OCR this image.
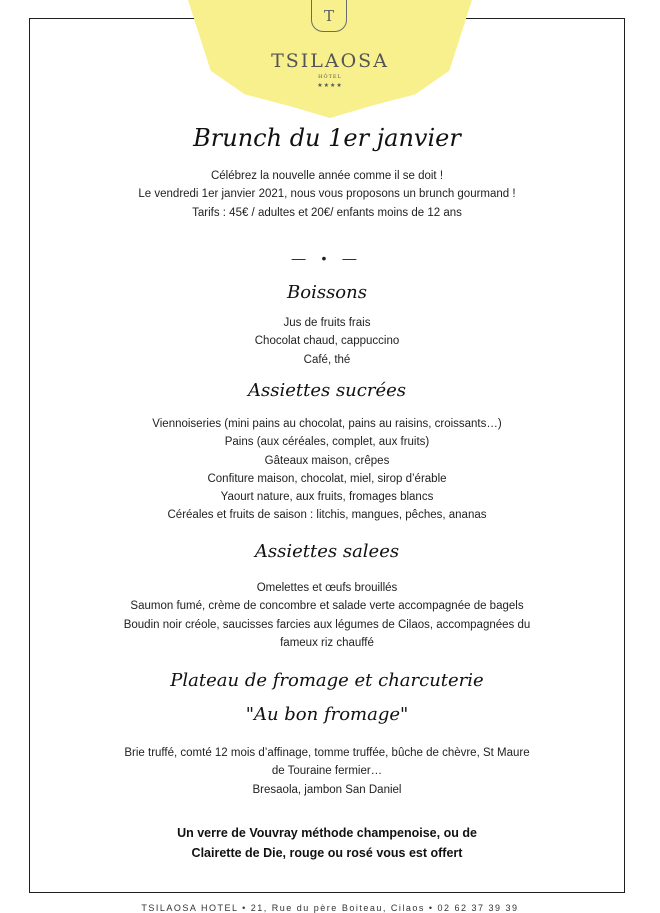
T
TSILAOSA
HÔTEL
★★★★
Brunch du 1er janvier
Célébrez la nouvelle année comme il se doit !
Le vendredi 1er janvier 2021, nous vous proposons un brunch gourmand !
Tarifs : 45€ / adultes et 20€/ enfants moins de 12 ans
— • —
Boissons
Jus de fruits frais
Chocolat chaud, cappuccino
Café, thé
Assiettes sucrées
Viennoiseries (mini pains au chocolat, pains au raisins, croissants…)
Pains (aux céréales, complet, aux fruits)
Gâteaux maison, crêpes
Confiture maison, chocolat, miel, sirop d’érable
Yaourt nature, aux fruits, fromages blancs
Céréales et fruits de saison : litchis, mangues, pêches, ananas
Assiettes salees
Omelettes et œufs brouillés
Saumon fumé, crème de concombre et salade verte accompagnée de bagels
Boudin noir créole, saucisses farcies aux légumes de Cilaos, accompagnées du
fameux riz chauffé
Plateau de fromage et charcuterie
"Au bon fromage"
Brie truffé, comté 12 mois d’affinage, tomme truffée, bûche de chèvre, St Maure
de Touraine fermier…
Bresaola, jambon San Daniel
Un verre de Vouvray méthode champenoise, ou de
Clairette de Die, rouge ou rosé vous est offert
TSILAOSA HOTEL • 21, Rue du père Boiteau, Cilaos • 02 62 37 39 39
